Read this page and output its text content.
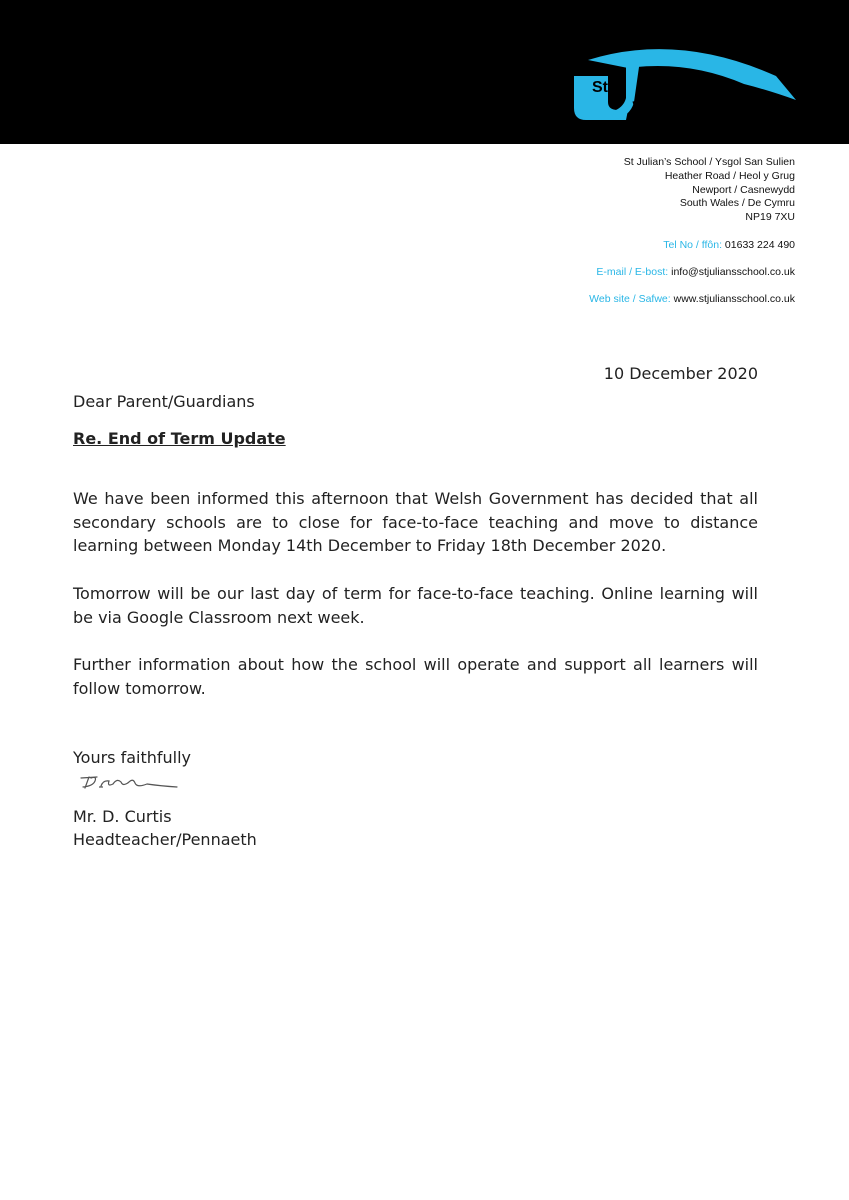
St Julian’s
St Julian’s School / Ysgol San Sulien
Heather Road / Heol y Grug
Newport / Casnewydd
South Wales / De Cymru
NP19 7XU
Tel No / ffôn: 01633 224 490
E-mail / E-bost: info@stjuliansschool.co.uk
Web site / Safwe: www.stjuliansschool.co.uk
10 December 2020
Dear Parent/Guardians
Re. End of Term Update

We have been informed this afternoon that Welsh Government has decided that all secondary schools are to close for face-to-face teaching and move to distance learning between Monday 14th December to Friday 18th December 2020.

Tomorrow will be our last day of term for face-to-face teaching. Online learning will be via Google Classroom next week.

Further information about how the school will operate and support all learners will follow tomorrow.

Yours faithfully
Mr. D. Curtis
Headteacher/Pennaeth
